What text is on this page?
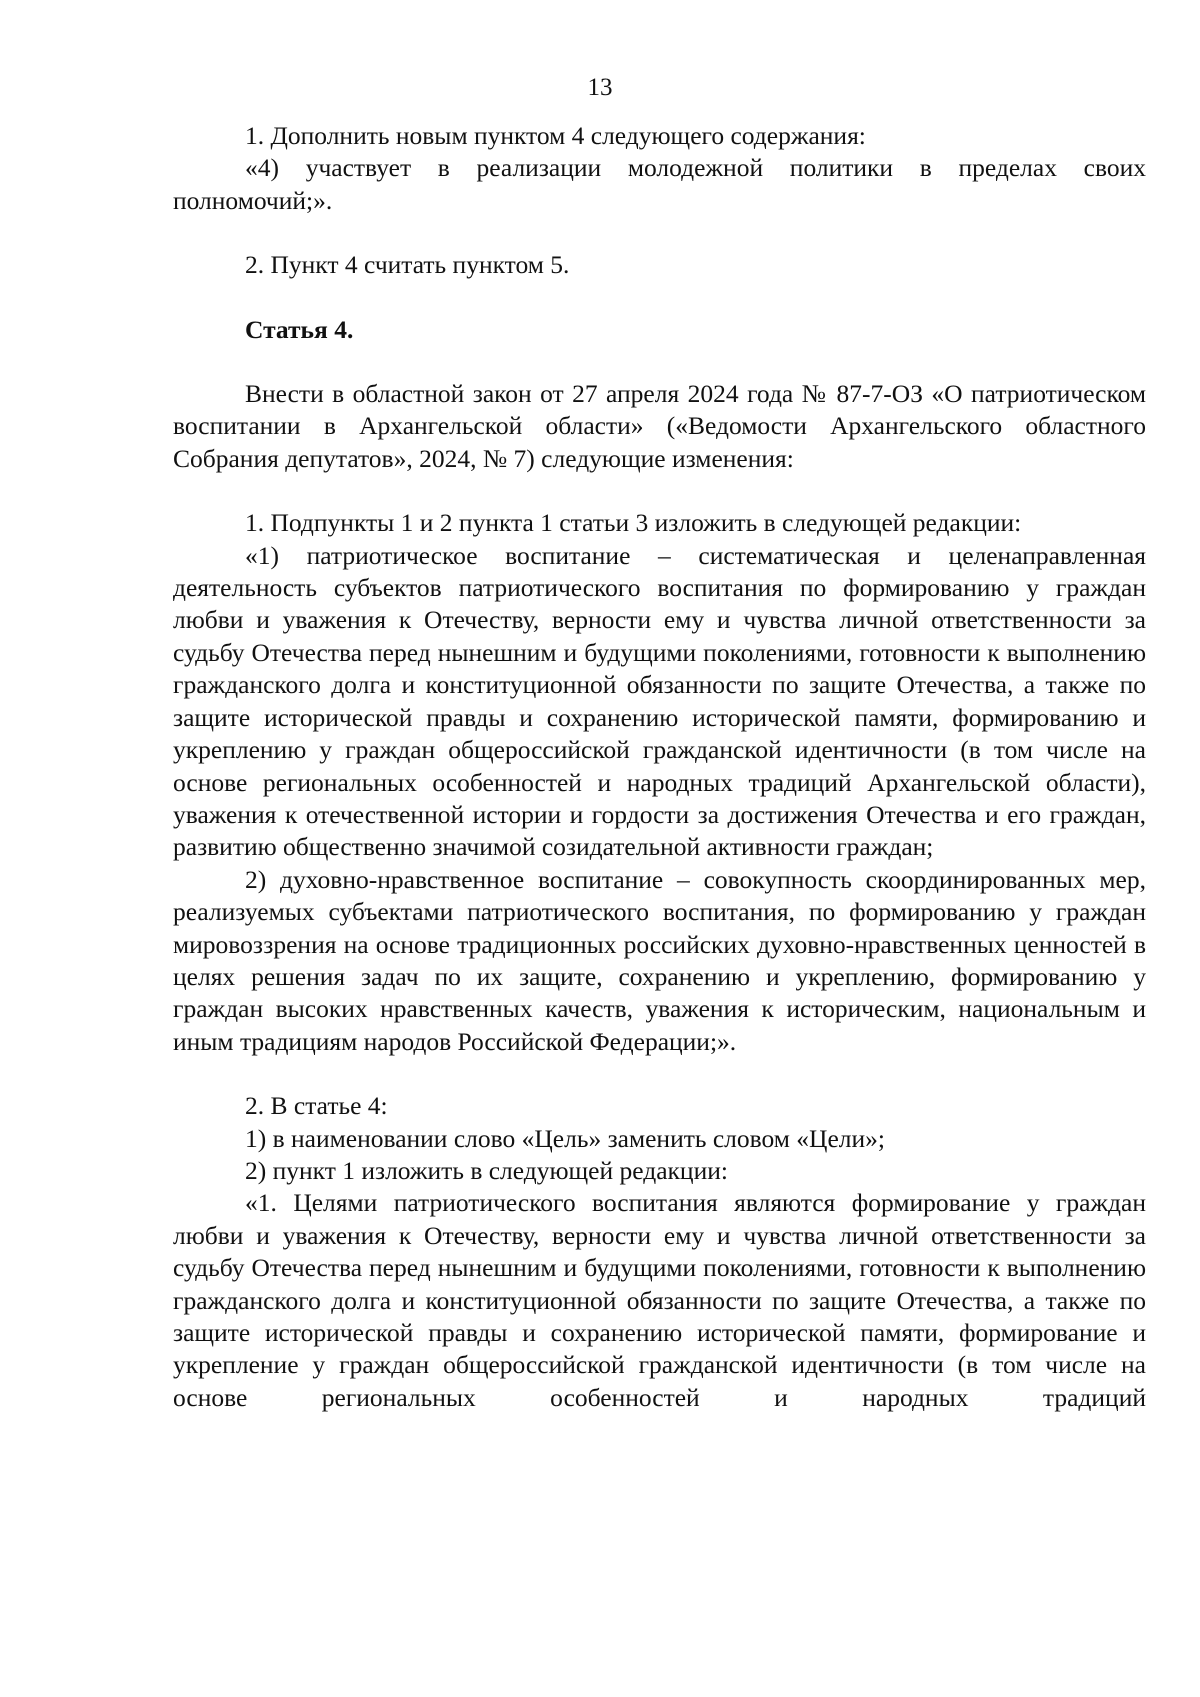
13

1. Дополнить новым пунктом 4 следующего содержания:

«4) участвует в реализации молодежной политики в пределах своих полномочий;».

2. Пункт 4 считать пунктом 5.

Статья 4.

Внести в областной закон от 27 апреля 2024 года № 87-7-ОЗ «О патриотическом воспитании в Архангельской области» («Ведомости Архангельского областного Собрания депутатов», 2024, № 7) следующие изменения:

1. Подпункты 1 и 2 пункта 1 статьи 3 изложить в следующей редакции:

«1) патриотическое воспитание – систематическая и целенаправленная деятельность субъектов патриотического воспитания по формированию у граждан любви и уважения к Отечеству, верности ему и чувства личной ответственности за судьбу Отечества перед нынешним и будущими поколениями, готовности к выполнению гражданского долга и конституционной обязанности по защите Отечества, а также по защите исторической правды и сохранению исторической памяти, формированию и укреплению у граждан общероссийской гражданской идентичности (в том числе на основе региональных особенностей и народных традиций Архангельской области), уважения к отечественной истории и гордости за достижения Отечества и его граждан, развитию общественно значимой созидательной активности граждан;

2) духовно-нравственное воспитание – совокупность скоординированных мер, реализуемых субъектами патриотического воспитания, по формированию у граждан мировоззрения на основе традиционных российских духовно-нравственных ценностей в целях решения задач по их защите, сохранению и укреплению, формированию у граждан высоких нравственных качеств, уважения к историческим, национальным и иным традициям народов Российской Федерации;».

2. В статье 4:

1) в наименовании слово «Цель» заменить словом «Цели»;

2) пункт 1 изложить в следующей редакции:

«1. Целями патриотического воспитания являются формирование у граждан любви и уважения к Отечеству, верности ему и чувства личной ответственности за судьбу Отечества перед нынешним и будущими поколениями, готовности к выполнению гражданского долга и конституционной обязанности по защите Отечества, а также по защите исторической правды и сохранению исторической памяти, формирование и укрепление у граждан общероссийской гражданской идентичности (в том числе на основе региональных особенностей и народных традиций
